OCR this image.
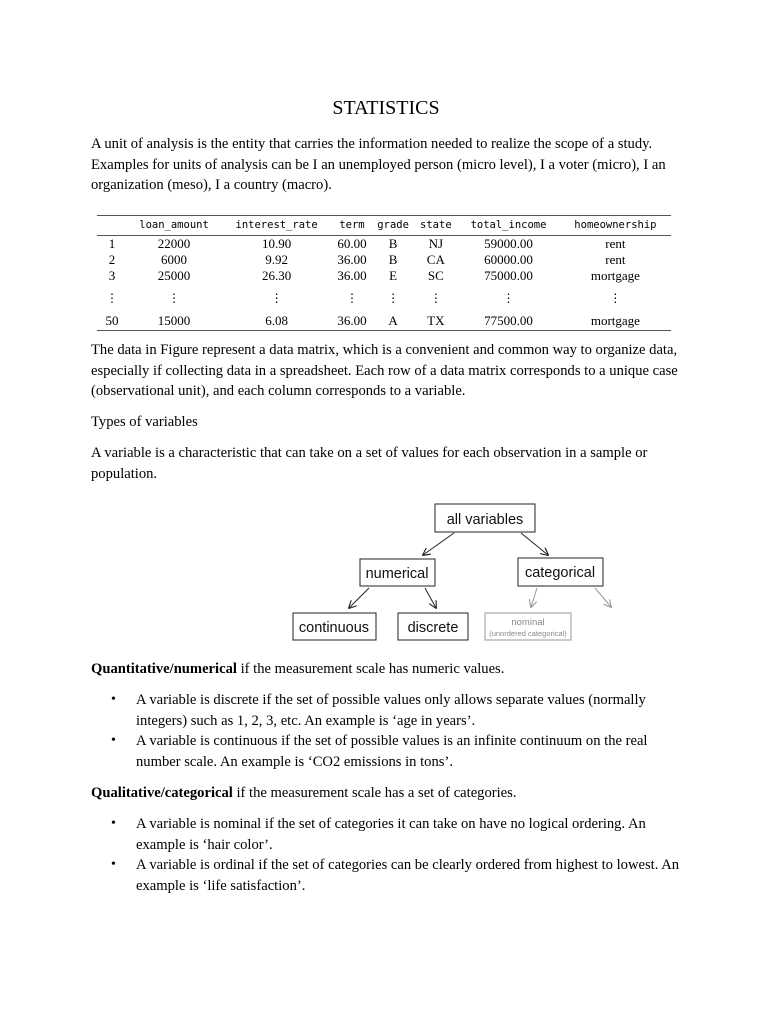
STATISTICS

A unit of analysis is the entity that carries the information needed to realize the scope of a study. Examples for units of analysis can be I an unemployed person (micro level), I a voter (micro), I an organization (meso), I a country (macro).

	loan_amount	interest_rate	term	grade	state	total_income	homeownership
1	22000	10.90	60.00	B	NJ	59000.00	rent
2	6000	9.92	36.00	B	CA	60000.00	rent
3	25000	26.30	36.00	E	SC	75000.00	mortgage
⋮	⋮	⋮	⋮	⋮	⋮	⋮	⋮
50	15000	6.08	36.00	A	TX	77500.00	mortgage

The data in Figure represent a data matrix, which is a convenient and common way to organize data, especially if collecting data in a spreadsheet. Each row of a data matrix corresponds to a unique case (observational unit), and each column corresponds to a variable.

Types of variables

A variable is a characteristic that can take on a set of values for each observation in a sample or population.

all variables
numerical	categorical
continuous	discrete	nominal
(unordered categorical)

Quantitative/numerical if the measurement scale has numeric values.

• A variable is discrete if the set of possible values only allows separate values (normally integers) such as 1, 2, 3, etc. An example is ‘age in years’.
• A variable is continuous if the set of possible values is an infinite continuum on the real number scale. An example is ‘CO2 emissions in tons’.

Qualitative/categorical if the measurement scale has a set of categories.

• A variable is nominal if the set of categories it can take on have no logical ordering. An example is ‘hair color’.
• A variable is ordinal if the set of categories can be clearly ordered from highest to lowest. An example is ‘life satisfaction’.
